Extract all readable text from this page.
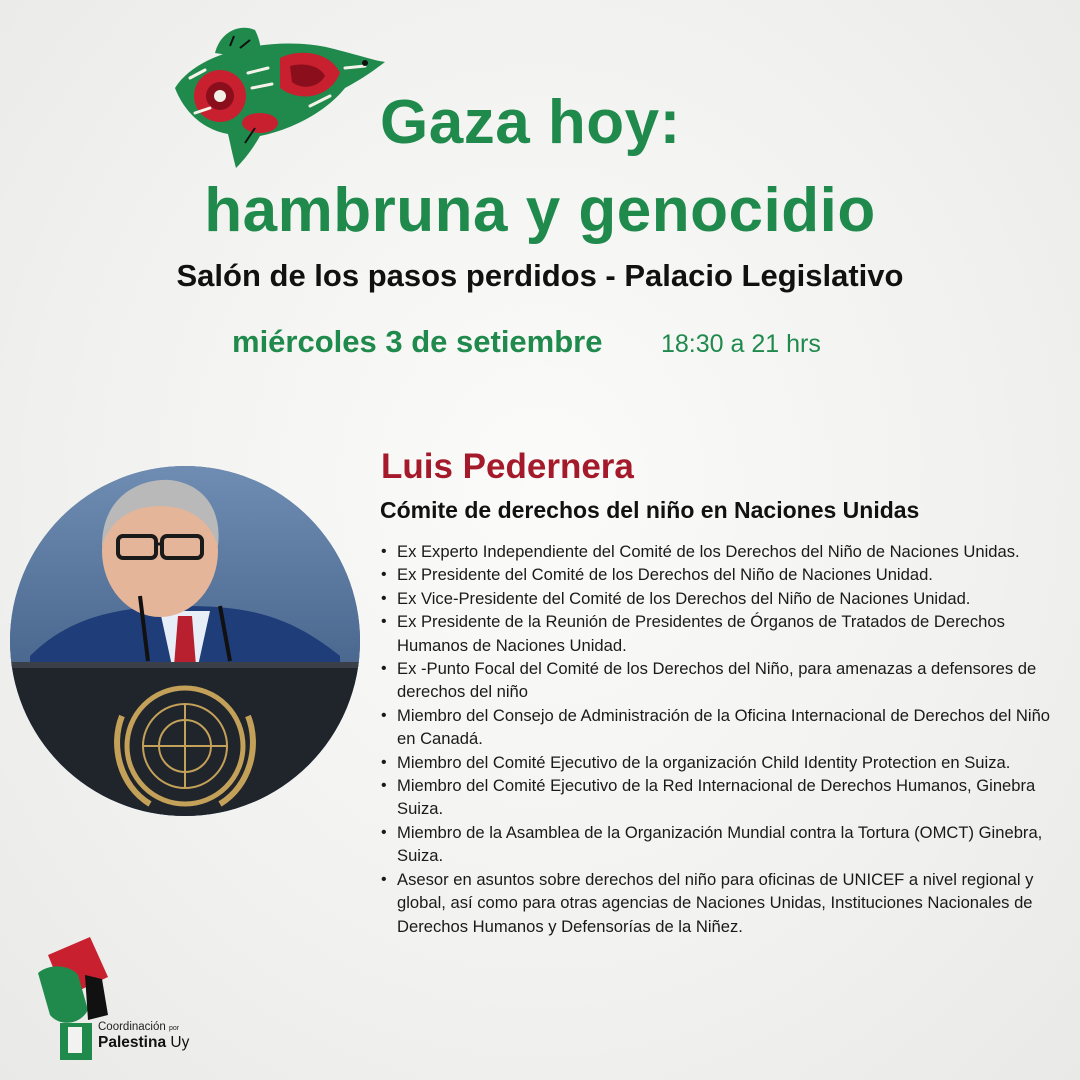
Gaza hoy:
hambruna y genocidio
Salón de los pasos perdidos - Palacio Legislativo
miércoles 3 de setiembre 18:30 a 21 hrs
Luis Pedernera
Cómite de derechos del niño en Naciones Unidas
• Ex Experto Independiente del Comité de los Derechos del Niño de Naciones Unidas.
• Ex Presidente del Comité de los Derechos del Niño de Naciones Unidad.
• Ex Vice-Presidente del Comité de los Derechos del Niño de Naciones Unidad.
• Ex Presidente de la Reunión de Presidentes de Órganos de Tratados de Derechos Humanos de Naciones Unidad.
• Ex -Punto Focal del Comité de los Derechos del Niño, para amenazas a defensores de derechos del niño
• Miembro del Consejo de Administración de la Oficina Internacional de Derechos del Niño en Canadá.
• Miembro del Comité Ejecutivo de la organización Child Identity Protection en Suiza.
• Miembro del Comité Ejecutivo de la Red Internacional de Derechos Humanos, Ginebra Suiza.
• Miembro de la Asamblea de la Organización Mundial contra la Tortura (OMCT) Ginebra, Suiza.
• Asesor en asuntos sobre derechos del niño para oficinas de UNICEF a nivel regional y global, así como para otras agencias de Naciones Unidas, Instituciones Nacionales de Derechos Humanos y Defensorías de la Niñez.
Coordinación por
Palestina Uy
